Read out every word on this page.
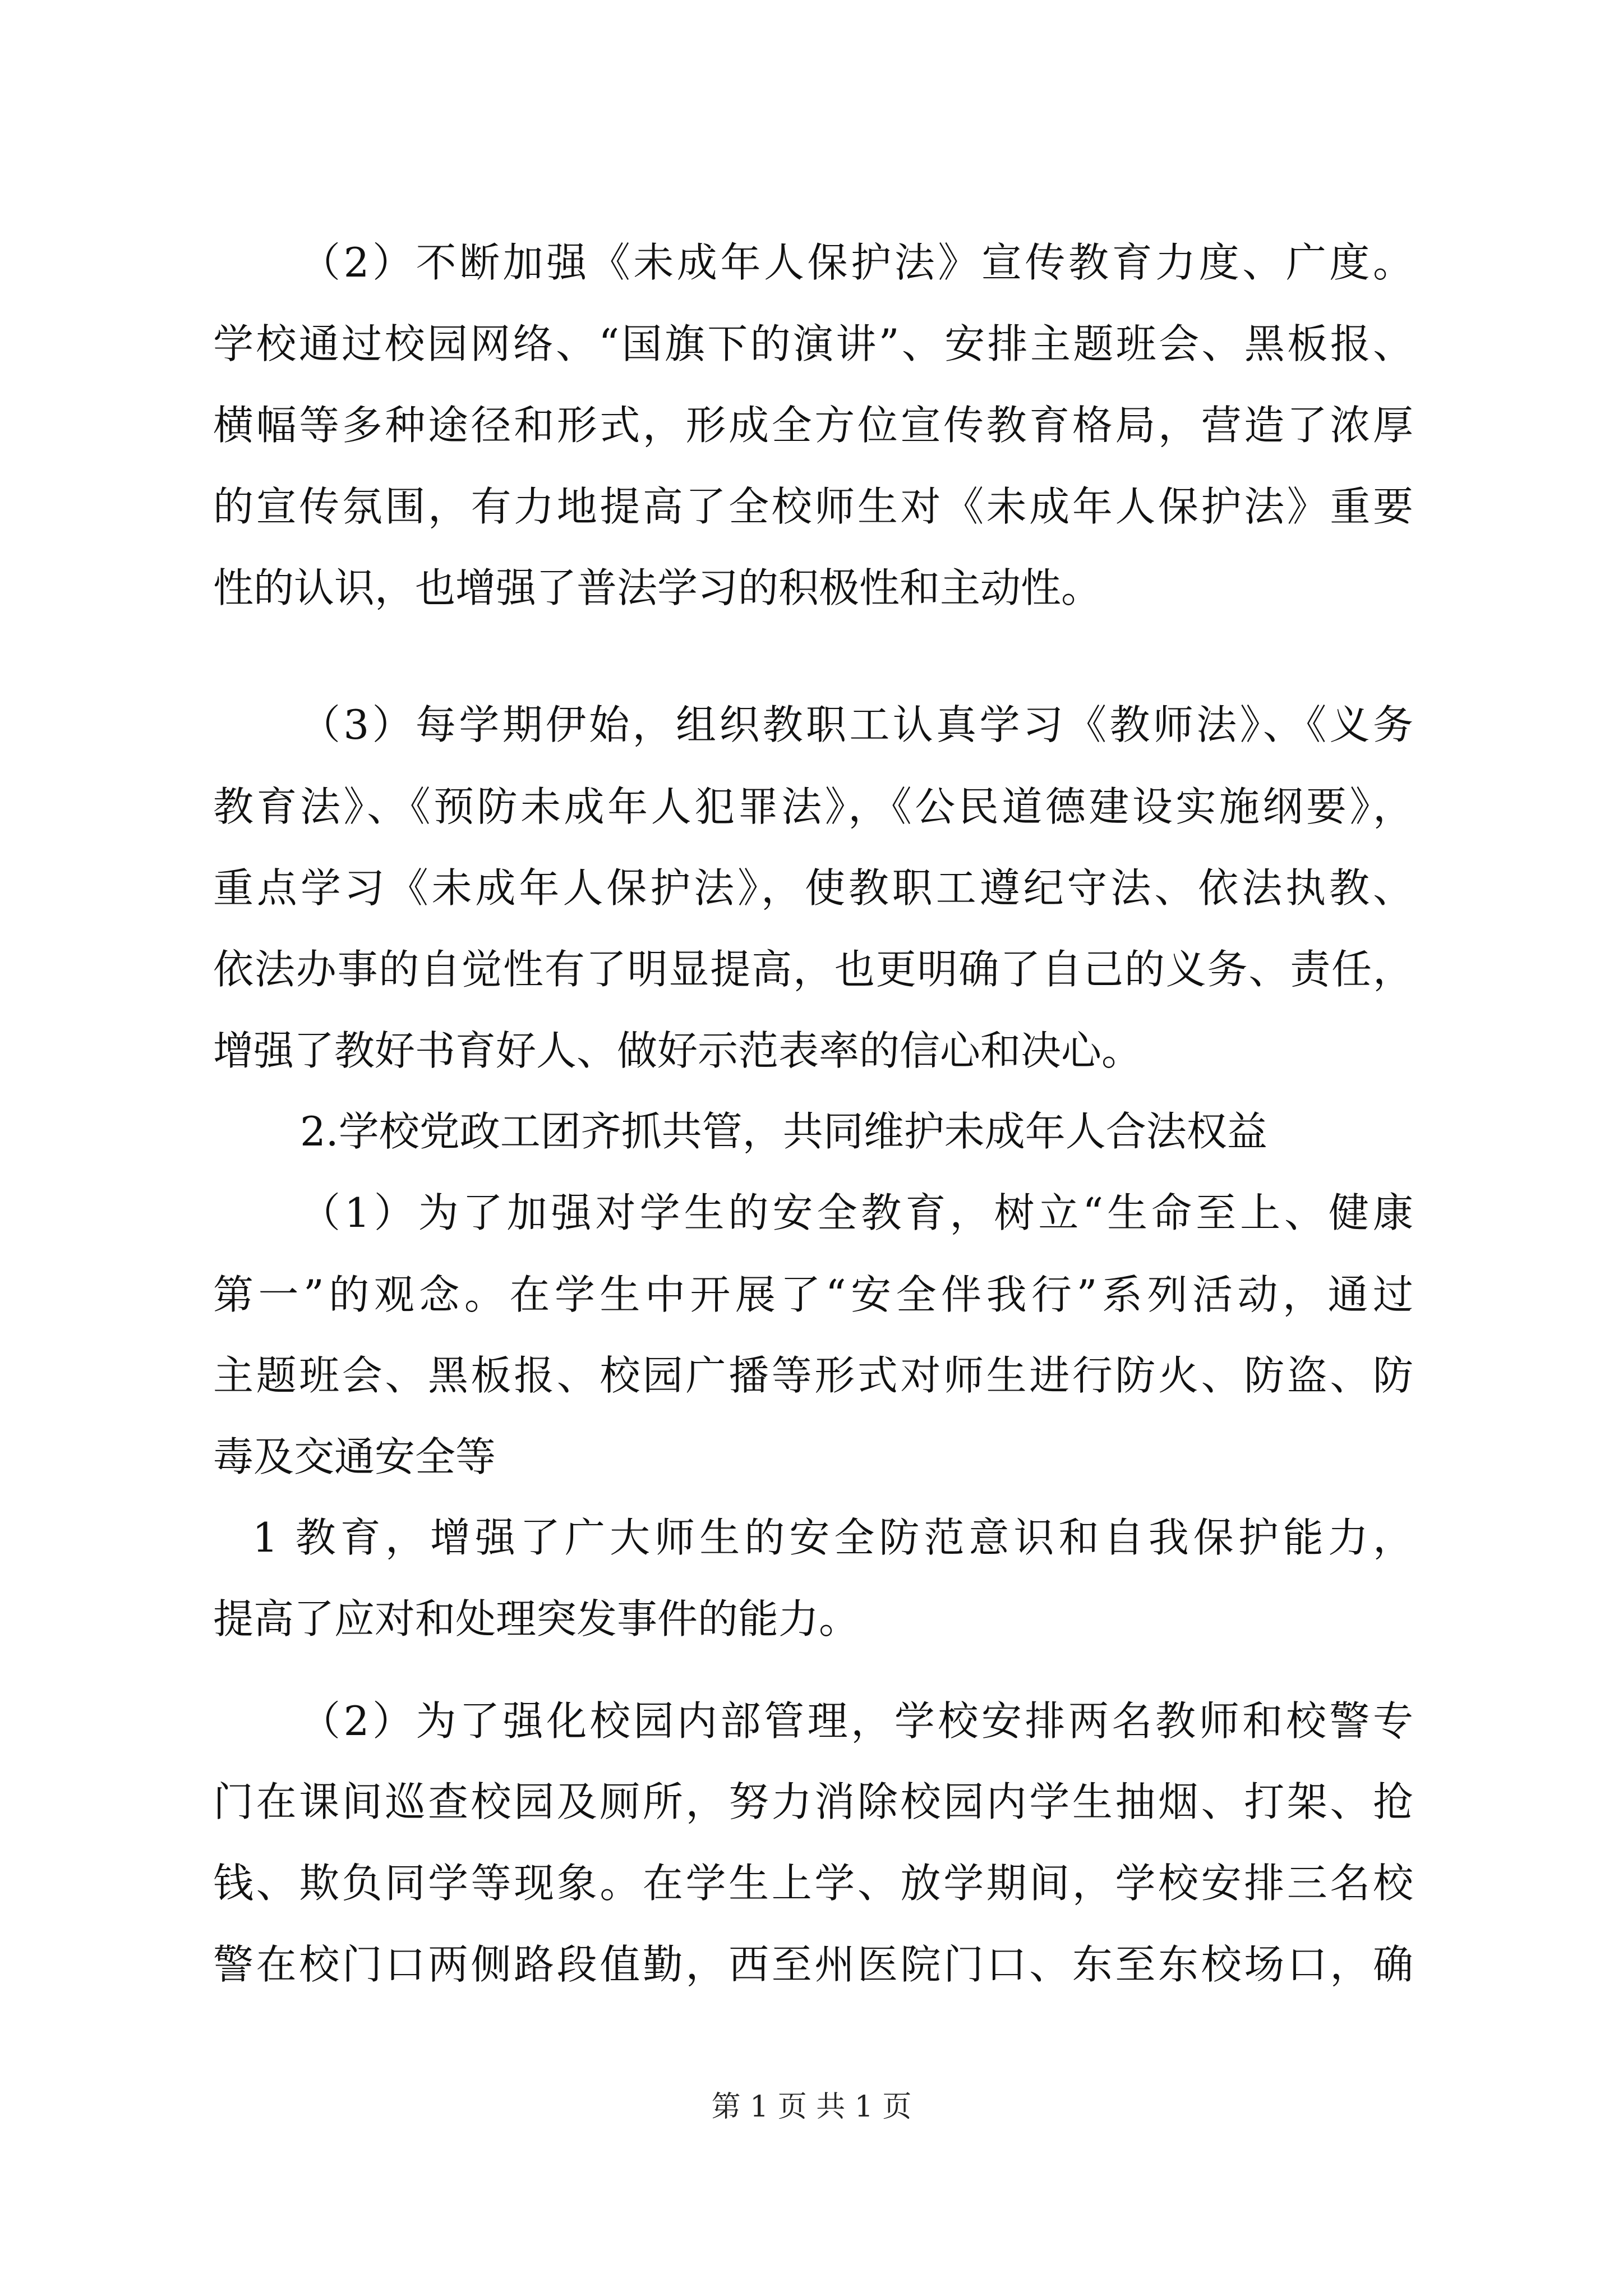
（2）不断加强《未成年人保护法》宣传教育力度、广度。
学校通过校园网络、“国旗下的演讲”、安排主题班会、黑板报、
横幅等多种途径和形式，形成全方位宣传教育格局，营造了浓厚
的宣传氛围，有力地提高了全校师生对《未成年人保护法》重要
性的认识，也增强了普法学习的积极性和主动性。
（3）每学期伊始，组织教职工认真学习《教师法》、《义务
教育法》、《预防未成年人犯罪法》，《公民道德建设实施纲要》，
重点学习《未成年人保护法》，使教职工遵纪守法、依法执教、
依法办事的自觉性有了明显提高，也更明确了自己的义务、责任，
增强了教好书育好人、做好示范表率的信心和决心。
2.学校党政工团齐抓共管，共同维护未成年人合法权益
（1）为了加强对学生的安全教育，树立“生命至上、健康
第一”的观念。在学生中开展了“安全伴我行”系列活动，通过
主题班会、黑板报、校园广播等形式对师生进行防火、防盗、防
毒及交通安全等
1 教育，增强了广大师生的安全防范意识和自我保护能力，
提高了应对和处理突发事件的能力。
（2）为了强化校园内部管理，学校安排两名教师和校警专
门在课间巡查校园及厕所，努力消除校园内学生抽烟、打架、抢
钱、欺负同学等现象。在学生上学、放学期间，学校安排三名校
警在校门口两侧路段值勤，西至州医院门口、东至东校场口，确
第 1 页 共 1 页
